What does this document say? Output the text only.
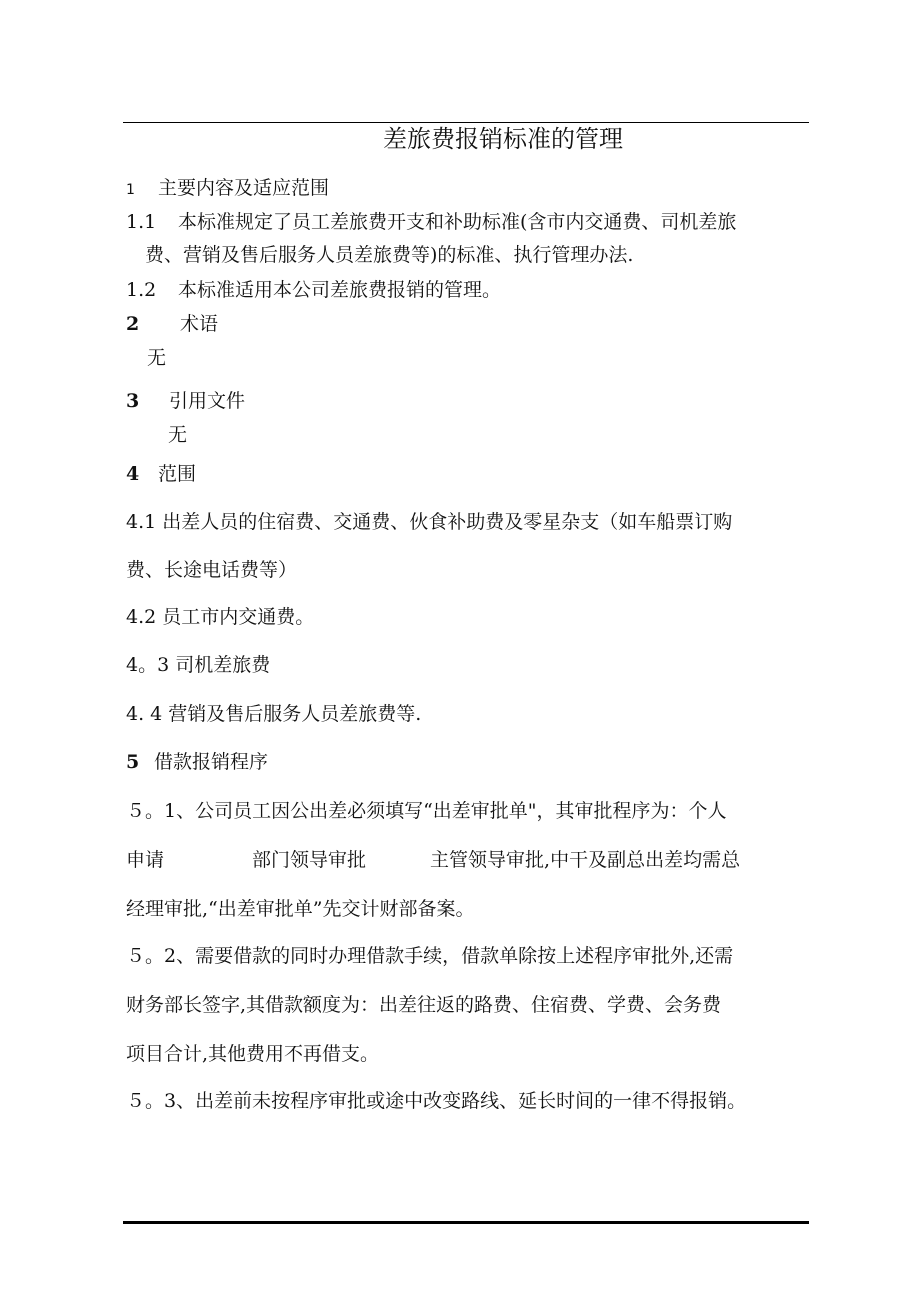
差旅费报销标准的管理
1 主要内容及适应范围
1.1 本标准规定了员工差旅费开支和补助标准(含市内交通费、司机差旅
费、营销及售后服务人员差旅费等)的标准、执行管理办法.
1.2 本标准适用本公司差旅费报销的管理。
2 术语
无
3 引用文件
无
4 范围
4.1 出差人员的住宿费、交通费、伙食补助费及零星杂支（如车船票订购
费、长途电话费等）
4.2 员工市内交通费。
4。3 司机差旅费
4. 4 营销及售后服务人员差旅费等.
5 借款报销程序
５。1、公司员工因公出差必须填写“出差审批单"，其审批程序为：个人
申请	部门领导审批	主管领导审批,中干及副总出差均需总
经理审批,“出差审批单”先交计财部备案。
５。2、需要借款的同时办理借款手续，借款单除按上述程序审批外,还需
财务部长签字,其借款额度为：出差往返的路费、住宿费、学费、会务费
项目合计,其他费用不再借支。
５。3、出差前未按程序审批或途中改变路线、延长时间的一律不得报销。
